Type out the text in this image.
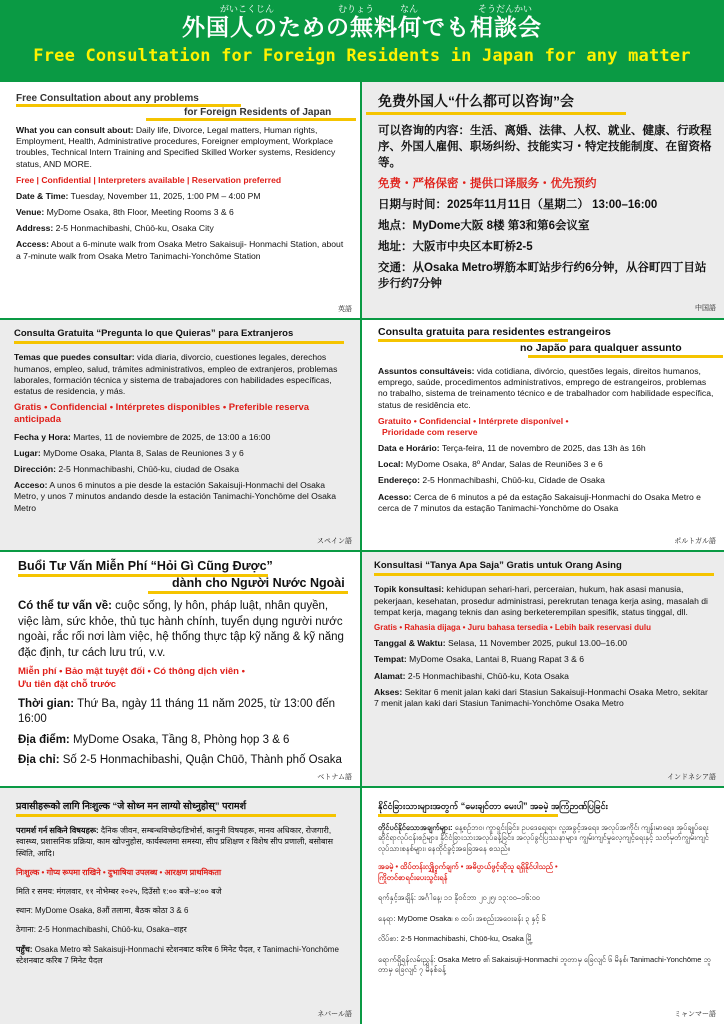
がいこくじん	むりょう	なん	そうだんかい
外国人のための無料何でも相談会
Free Consultation for Foreign Residents in Japan for any matter
Free Consultation about any problems
for Foreign Residents of Japan
What you can consult about: Daily life, Divorce, Legal matters, Human rights, Employment, Health, Administrative procedures, Foreigner employment, Workplace troubles, Technical Intern Training and Specified Skilled Worker systems, Residency status, AND MORE.
Free | Confidential | Interpreters available | Reservation preferred
Date & Time: Tuesday, November 11, 2025, 1:00 PM – 4:00 PM
Venue: MyDome Osaka, 8th Floor, Meeting Rooms 3 & 6
Address: 2-5 Honmachibashi, Chūō-ku, Osaka City
Access: About a 6-minute walk from Osaka Metro Sakaisuji- Honmachi Station, about a 7-minute walk from Osaka Metro Tanimachi-Yonchōme Station
英語
免费外国人“什么都可以咨询”会
可以咨询的内容：生活、离婚、法律、人权、就业、健康、行政程序、外国人雇佣、职场纠纷、技能实习・特定技能制度、在留资格等。
免费・严格保密・提供口译服务・优先预约
日期与时间：2025年11月11日（星期二） 13:00–16:00
地点：MyDome大阪 8楼 第3和第6会议室
地址：大阪市中央区本町桥2-5
交通：从Osaka Metro堺筋本町站步行约6分钟，从谷町四丁目站步行约7分钟
中国語
Consulta Gratuita “Pregunta lo que Quieras” para Extranjeros
Temas que puedes consultar: vida diaria, divorcio, cuestiones legales, derechos humanos, empleo, salud, trámites administrativos, empleo de extranjeros, problemas laborales, formación técnica y sistema de trabajadores con habilidades específicas, estatus de residencia, y más.
Gratis • Confidencial • Intérpretes disponibles • Preferible reserva anticipada
Fecha y Hora: Martes, 11 de noviembre de 2025, de 13:00 a 16:00
Lugar: MyDome Osaka, Planta 8, Salas de Reuniones 3 y 6
Dirección: 2-5 Honmachibashi, Chūō-ku, ciudad de Osaka
Acceso: A unos 6 minutos a pie desde la estación Sakaisuji-Honmachi del Osaka Metro, y unos 7 minutos andando desde la estación Tanimachi-Yonchōme del Osaka Metro
スペイン語
Consulta gratuita para residentes estrangeiros
no Japão para qualquer assunto
Assuntos consultáveis: vida cotidiana, divórcio, questões legais, direitos humanos, emprego, saúde, procedimentos administrativos, emprego de estrangeiros, problemas no trabalho, sistema de treinamento técnico e de trabalhador com habilidade específica, status de residência etc.
Gratuito • Confidencial • Intérprete disponível •
Prioridade com reserve
Data e Horário: Terça-feira, 11 de novembro de 2025, das 13h às 16h
Local: MyDome Osaka, 8º Andar, Salas de Reuniões 3 e 6
Endereço: 2-5 Honmachibashi, Chūō-ku, Cidade de Osaka
Acesso: Cerca de 6 minutos a pé da estação Sakaisuji-Honmachi do Osaka Metro e cerca de 7 minutos da estação Tanimachi-Yonchōme do Osaka
ポルトガル語
Buổi Tư Vấn Miễn Phí “Hỏi Gì Cũng Được”
dành cho Người Nước Ngoài
Có thể tư vấn về: cuộc sống, ly hôn, pháp luật, nhân quyền, việc làm, sức khỏe, thủ tục hành chính, tuyển dụng người nước ngoài, rắc rối nơi làm việc, hệ thống thực tập kỹ năng & kỹ năng đặc định, tư cách lưu trú, v.v.
Miễn phí • Bảo mật tuyệt đối • Có thông dịch viên •
Ưu tiên đặt chỗ trước
Thời gian: Thứ Ba, ngày 11 tháng 11 năm 2025, từ 13:00 đến 16:00
Địa điểm: MyDome Osaka, Tầng 8, Phòng họp 3 & 6
Địa chỉ: Số 2-5 Honmachibashi, Quận Chūō, Thành phố Osaka
ベトナム語
Konsultasi “Tanya Apa Saja” Gratis untuk Orang Asing
Topik konsultasi: kehidupan sehari-hari, perceraian, hukum, hak asasi manusia, pekerjaan, kesehatan, prosedur administrasi, perekrutan tenaga kerja asing, masalah di tempat kerja, magang teknis dan asing berketerempilan spesifik, status tinggal, dll.
Gratis • Rahasia dijaga • Juru bahasa tersedia • Lebih baik reservasi dulu
Tanggal & Waktu: Selasa, 11 November 2025, pukul 13.00–16.00
Tempat: MyDome Osaka, Lantai 8, Ruang Rapat 3 & 6
Alamat: 2-5 Honmachibashi, Chūō-ku, Kota Osaka
Akses: Sekitar 6 menit jalan kaki dari Stasiun Sakaisuji-Honmachi Osaka Metro, sekitar 7 menit jalan kaki dari Stasiun Tanimachi-Yonchōme Osaka Metro
インドネシア語
प्रवासीहरूको लागि निःशुल्क “जे सोध्न मन लाग्यो सोध्नुहोस्” परामर्श
परामर्श गर्न सकिने विषयहरू: दैनिक जीवन, सम्बन्धविच्छेद/डिभोर्स, कानुनी विषयहरू, मानव अधिकार, रोजगारी, स्वास्थ्य, प्रशासनिक प्रक्रिया, काम खोज्नुहोस, कार्यस्थलमा समस्या, सीप प्रशिक्षण र विशेष सीप प्रणाली, बसोबास स्थिति, आदि।
निःशुल्क • गोप्य रूपमा राखिने • दुभाषिया उपलब्ध • आरक्षण प्राथमिकता
मिति र समय: मंगलवार, ११ नोभेम्बर २०२५, दिउँसो १:०० बजे–४:०० बजे
स्थान: MyDome Osaka, 8औं तलामा, बैठक कोठा 3 & 6
ठेगाना: 2-5 Honmachibashi, Chūō-ku, Osaka–शहर
पहुँच: Osaka Metro को Sakaisuji-Honmachi स्टेशनबाट करिब 6 मिनेट पैदल, र Tanimachi-Yonchōme स्टेशनबाट करिब 7 मिनेट पैदल
ネパール語
နိုင်ငံခြားသားများအတွက် “မေးချင်တာ မေးပါ” အခမဲ့ အကြံဉာဏ်ပြခြင်း
တိုင်ပင်နိုင်သောအချက်များ: နေ့စဉ်ဘဝ၊ ကွာရှင်းခြင်း၊ ဥပဒေရေးရာ၊ လူ့အခွင့်အရေး၊ အလုပ်အကိုင်၊ ကျန်းမာရေး၊ အုပ်ချုပ်ရေးဆိုင်ရာလုပ်ငန်းစဉ်များ၊ နိုင်ငံခြားသားအလုပ်ခန့်ခြင်း၊ အလုပ်ခွင်ပြဿနာများ၊ ကျွမ်းကျင်မှုလေ့ကျင့်ရေးနှင့် သတ်မှတ်ကျွမ်းကျင်လုပ်သားစနစ်များ၊ နေထိုင်ခွင့်အခြေအနေ စသည်။
အခမဲ့ • ထိပ်တန်းလျှို့ဝှက်ချက် • အဓိပ္ပာယ်ဖွင့်ဆိုသူ ရရှိနိုင်ပါသည် •
ကြိုတင်စာရင်းပေးသွင်းရန်
ရက်နှင့်အချိန်: အင်္ဂါနေ့၊ ၁၁ နိုဝင်ဘာ ၂၀၂၅၊ ၁၃:၀၀–၁၆:၀၀
နေရာ: MyDome Osaka၊ ၈ ထပ်၊ အစည်းအဝေးခန်း ၃ နှင့် ၆
လိပ်စာ: 2-5 Honmachibashi, Chūō-ku, Osaka မြို့
ရောက်ရှိရန်လမ်းညွှန်: Osaka Metro ၏ Sakaisuji-Honmachi ဘူတာမှ ခြေလျင် ၆ မိနစ်၊ Tanimachi-Yonchōme ဘူတာမှ ခြေလျင် ၇ မိနစ်ခန့်
ミャンマー語
